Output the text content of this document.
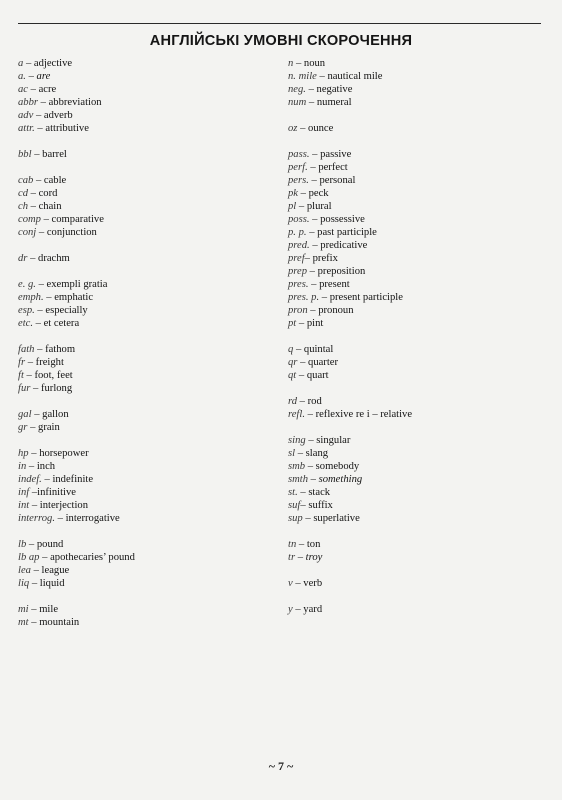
АНГЛІЙСЬКІ УМОВНІ СКОРОЧЕННЯ
a – adjective
a. – are
ac – acre
abbr – abbreviation
adv – adverb
attr. – attributive
bbl – barrel
cab – cable
cd – cord
ch – chain
comp – comparative
conj – conjunction
dr – drachm
e. g. – exempli gratia
emph. – emphatic
esp. – especially
etc. – et cetera
fath – fathom
fr – freight
ft – foot, feet
fur – furlong
gal – gallon
gr – grain
hp – horsepower
in – inch
indef. – indefinite
inf –infinitive
int – interjection
interrog. – interrogative
lb – pound
lb ap – apothecaries’ pound
lea – league
liq – liquid
mi – mile
mt – mountain
n – noun
n. mile – nautical mile
neg. – negative
num – numeral
oz – ounce
pass. – passive
perf. – perfect
pers. – personal
pk – peck
pl – plural
poss. – possessive
p. p. – past participle
pred. – predicative
pref– prefix
prep – preposition
pres. – present
pres. p. – present participle
pron – pronoun
pt – pint
q – quintal
qr – quarter
qt – quart
rd – rod
refl. – reflexive re i – relative
sing – singular
sl – slang
smb – somebody
smth – something
st. – stack
suf– suffix
sup – superlative
tn – ton
tr – troy
v – verb
y – yard
~ 7 ~
